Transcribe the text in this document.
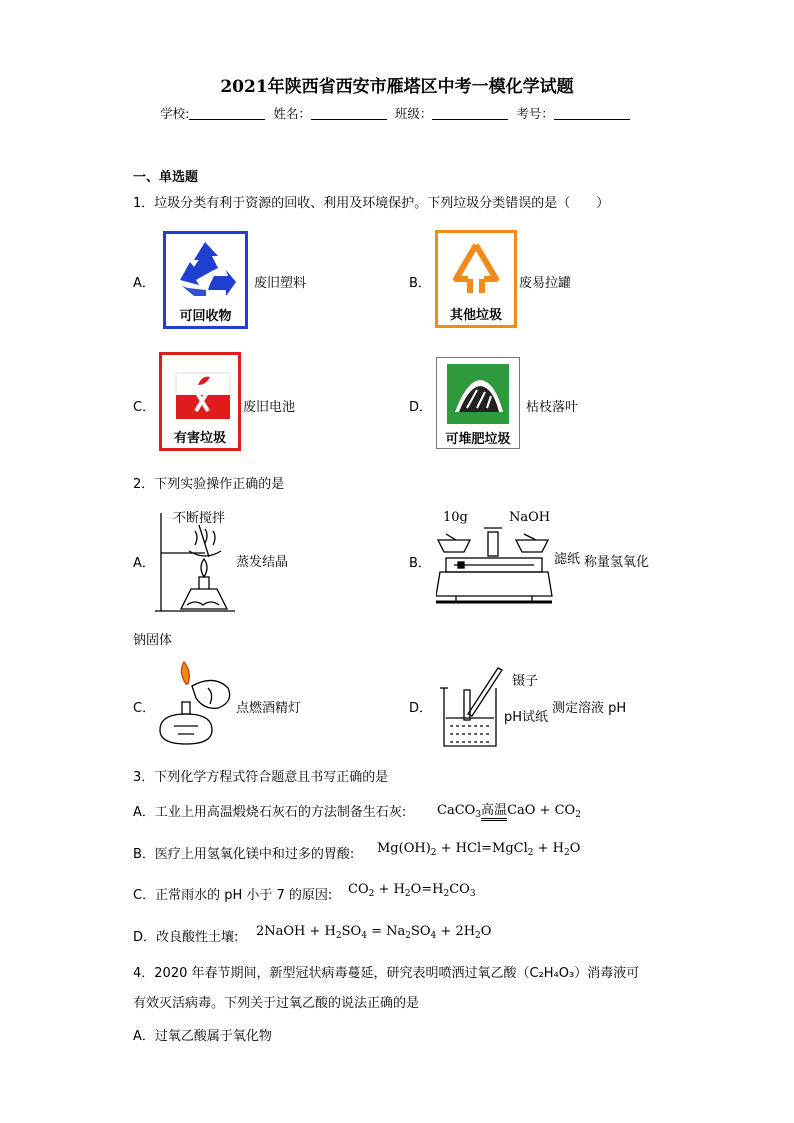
2021年陕西省西安市雁塔区中考一模化学试题
学校:	姓名：	班级：	考号：
一、单选题
1．垃圾分类有利于资源的回收、利用及环境保护。下列垃圾分类错误的是（　　）
A．
可回收物
废旧塑料	B．
其他垃圾
废易拉罐
C．
有害垃圾
废旧电池	D．
可堆肥垃圾
枯枝落叶
2．下列实验操作正确的是
A．
不断搅拌
蒸发结晶	B．
10g	NaOH
滤纸 称量氢氧化
钠固体
C．	点燃酒精灯	D．
镊子
pH试纸
测定溶液 pH
3．下列化学方程式符合题意且书写正确的是
A．工业上用高温煅烧石灰石的方法制备生石灰: CaCO$_3$高温CaO + $CO_2$
B．医疗上用氢氧化镁中和过多的胃酸: $Mg(OH)_2$ + HCl=MgCl$_2$ + $H_2O$
C．正常雨水的 pH 小于 7 的原因: $CO_2 + H_2O=H_2CO_3$
D．改良酸性土壤: 2NaOH + $H_2SO_4 = Na_2SO_4 + 2H_2O$
4．2020 年春节期间，新型冠状病毒蔓延，研究表明喷洒过氧乙酸（C₂H₄O₃）消毒液可
有效灭活病毒。下列关于过氧乙酸的说法正确的是
A．过氧乙酸属于氧化物
